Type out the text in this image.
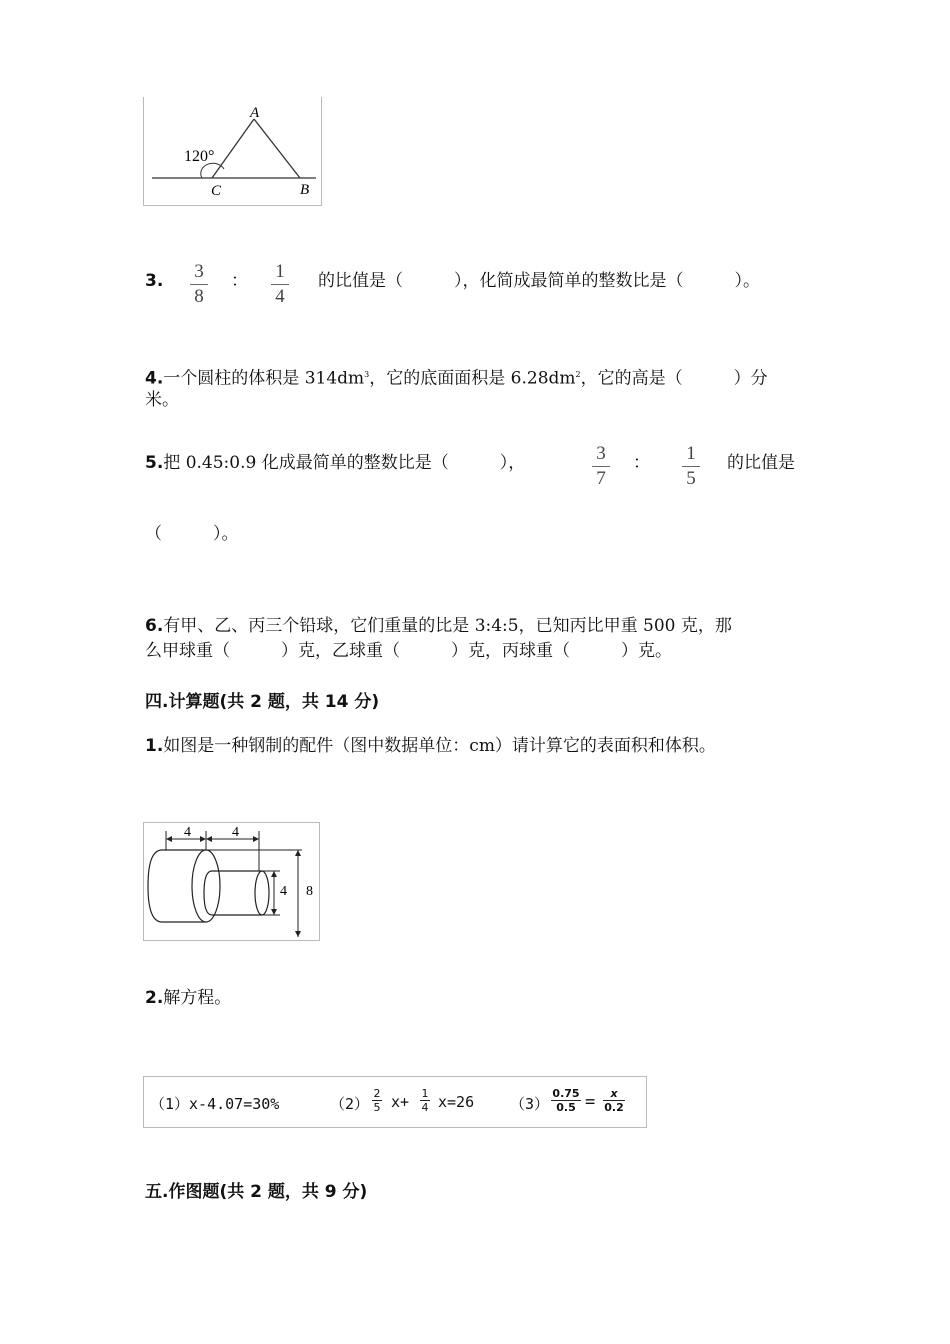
A
B
C
120°
3. 3
8
： 1
4
的比值是（　　　），化简成最简单的整数比是（　　　）。
4.一个圆柱的体积是 $314dm^3$，它的底面面积是 $6.28dm^2$，它的高是（　　　）分
米。
5.把 0.45:0.9 化成最简单的整数比是（　　　），	3
7
： 1
5
的比值是
（　　　）。
6.有甲、乙、丙三个铅球，它们重量的比是 3:4:5，已知丙比甲重 500 克，那
么甲球重（　　　）克，乙球重（　　　）克，丙球重（　　　）克。
四.计算题(共 2 题，共 14 分)
1.如图是一种钢制的配件（图中数据单位：cm）请计算它的表面积和体积。
4	4
4 8
2.解方程。
（1）x-4.07=30%	（2）
2
5 x+ 1
4 x=26 （3）
0.75
0.5 =	x
0.2
五.作图题(共 2 题，共 9 分)
